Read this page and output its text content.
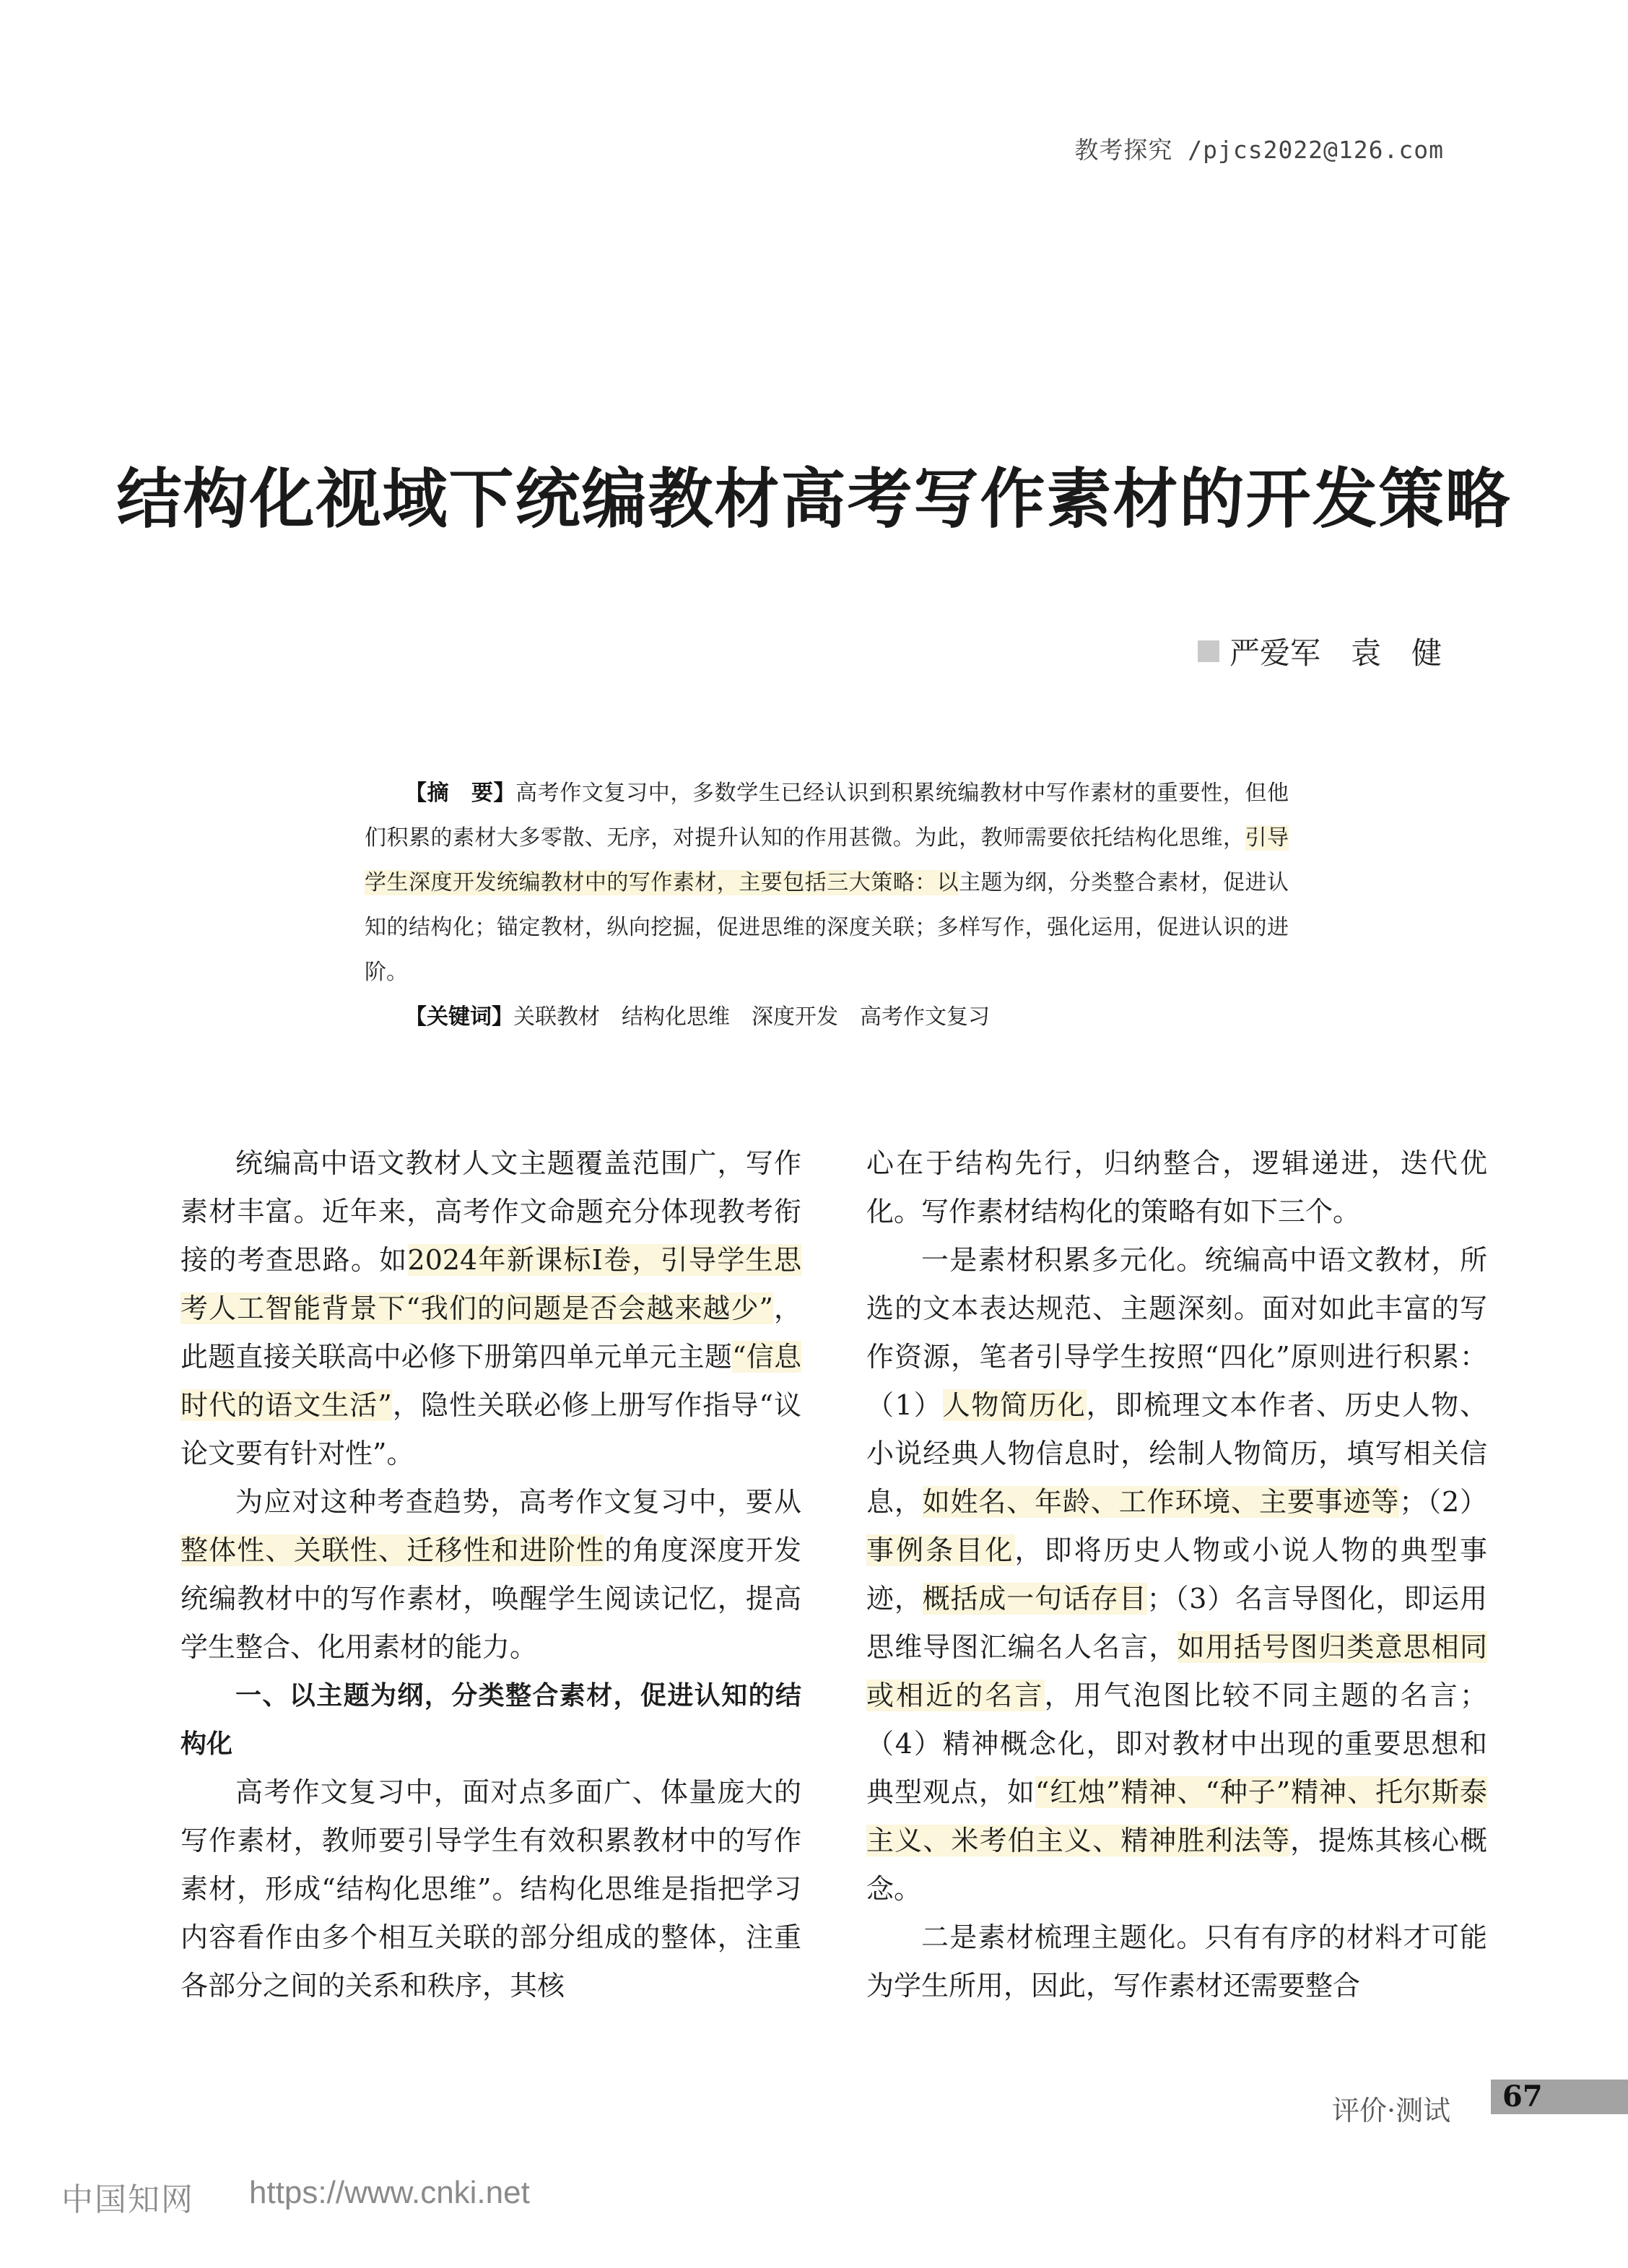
教考探究 /pjcs2022@126.com
结构化视域下统编教材高考写作素材的开发策略
严爱军　袁　健

【摘　要】高考作文复习中，多数学生已经认识到积累统编教材中写作素材的重要性，但他们积累的素材大多零散、无序，对提升认知的作用甚微。为此，教师需要依托结构化思维，引导学生深度开发统编教材中的写作素材，主要包括三大策略：以主题为纲，分类整合素材，促进认知的结构化；锚定教材，纵向挖掘，促进思维的深度关联；多样写作，强化运用，促进认识的进阶。

【关键词】关联教材　结构化思维　深度开发　高考作文复习

统编高中语文教材人文主题覆盖范围广，写作素材丰富。近年来，高考作文命题充分体现教考衔接的考查思路。如2024年新课标Ⅰ卷，引导学生思考人工智能背景下“我们的问题是否会越来越少”，此题直接关联高中必修下册第四单元单元主题“信息时代的语文生活”，隐性关联必修上册写作指导“议论文要有针对性”。

为应对这种考查趋势，高考作文复习中，要从整体性、关联性、迁移性和进阶性的角度深度开发统编教材中的写作素材，唤醒学生阅读记忆，提高学生整合、化用素材的能力。

一、以主题为纲，分类整合素材，促进认知的结构化

高考作文复习中，面对点多面广、体量庞大的写作素材，教师要引导学生有效积累教材中的写作素材，形成“结构化思维”。结构化思维是指把学习内容看作由多个相互关联的部分组成的整体，注重各部分之间的关系和秩序，其核

心在于结构先行，归纳整合，逻辑递进，迭代优化。写作素材结构化的策略有如下三个。

一是素材积累多元化。统编高中语文教材，所选的文本表达规范、主题深刻。面对如此丰富的写作资源，笔者引导学生按照“四化”原则进行积累：（1）人物简历化，即梳理文本作者、历史人物、小说经典人物信息时，绘制人物简历，填写相关信息，如姓名、年龄、工作环境、主要事迹等；（2）事例条目化，即将历史人物或小说人物的典型事迹，概括成一句话存目；（3）名言导图化，即运用思维导图汇编名人名言，如用括号图归类意思相同或相近的名言，用气泡图比较不同主题的名言；（4）精神概念化，即对教材中出现的重要思想和典型观点，如“红烛”精神、“种子”精神、托尔斯泰主义、米考伯主义、精神胜利法等，提炼其核心概念。

二是素材梳理主题化。只有有序的材料才可能为学生所用，因此，写作素材还需要整合

评价·测试	67
中国知网 https://www.cnki.net
